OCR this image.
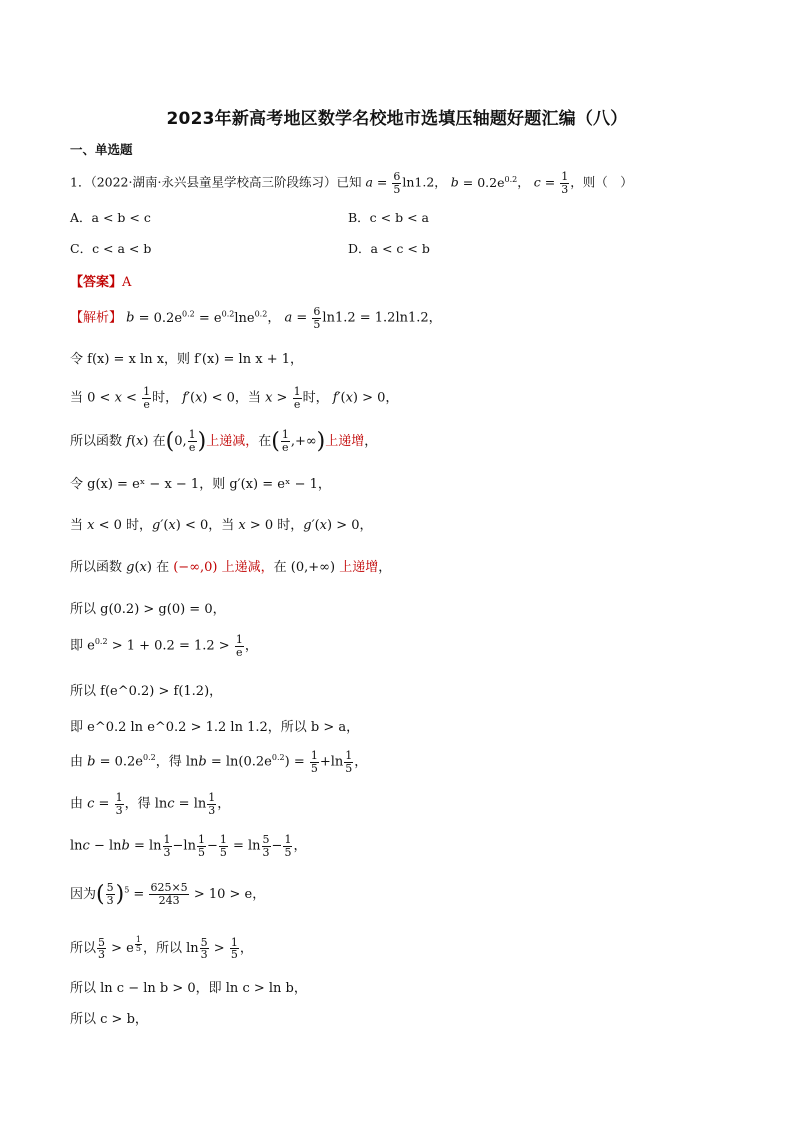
2023年新高考地区数学名校地市选填压轴题好题汇编（八）
一、单选题
1．（2022·湖南·永兴县童星学校高三阶段练习）已知 $a = \frac{6}{5} \ln 1.2$， $b = 0.2e^{0.2}$， $c = \frac{1}{3}$ ，则（　）
A．a < b < c	B．c < b < a
C．c < a < b	D．a < c < b
【答案】A
【解析】 $b = 0.2e^{0.2} = e^{0.2}\ln e^{0.2}$， $a = \frac{6}{5} \ln 1.2 = 1.2\ln 1.2$，
令 f(x) = x ln x，则 f′(x) = ln x + 1，
当 $0 < x < \frac{1}{e}$ 时， f′(x) < 0，当 $x > \frac{1}{e}$ 时， f′(x) > 0，
所以函数 f(x) 在(0, $\frac{1}{e}$ )上递减，在( $\frac{1}{e}$ ,+∞)上递增，
令 g(x) = eˣ − x − 1，则 g′(x) = eˣ − 1，
当 x < 0 时，g′(x) < 0，当 x > 0 时，g′(x) > 0，
所以函数 g(x) 在 (−∞,0) 上递减，在 (0,+∞) 上递增，
所以 g(0.2) > g(0) = 0，
即 $e^{0.2} > 1 + 0.2 = 1.2 > \frac{1}{e}$ ，
所以 f(e^0.2) > f(1.2)，
即 e^0.2 ln e^0.2 > 1.2 ln 1.2，所以 b > a，
由 $b = 0.2e^{0.2}$，得 $\ln b = \ln(0.2e^{0.2}) = \frac{1}{5} +\ln \frac{1}{5}$ ，
由 $c = \frac{1}{3}$ ，得 $\ln c = \ln \frac{1}{3}$ ，
$\ln c - \ln b = \ln \frac{1}{3} -\ln \frac{1}{5} - \frac{1}{5} = \ln \frac{5}{3} - \frac{1}{5}$ ，
因为( $\frac{5}{3} )^5 = \frac{625\times 5}{243} > 10 > e$，
所以 $\frac{5}{3} > e$ $^{\frac{1}{5}}$ ，所以 $\ln \frac{5}{3} > \frac{1}{5}$ ，
所以 ln c − ln b > 0，即 ln c > ln b，
所以 c > b，
